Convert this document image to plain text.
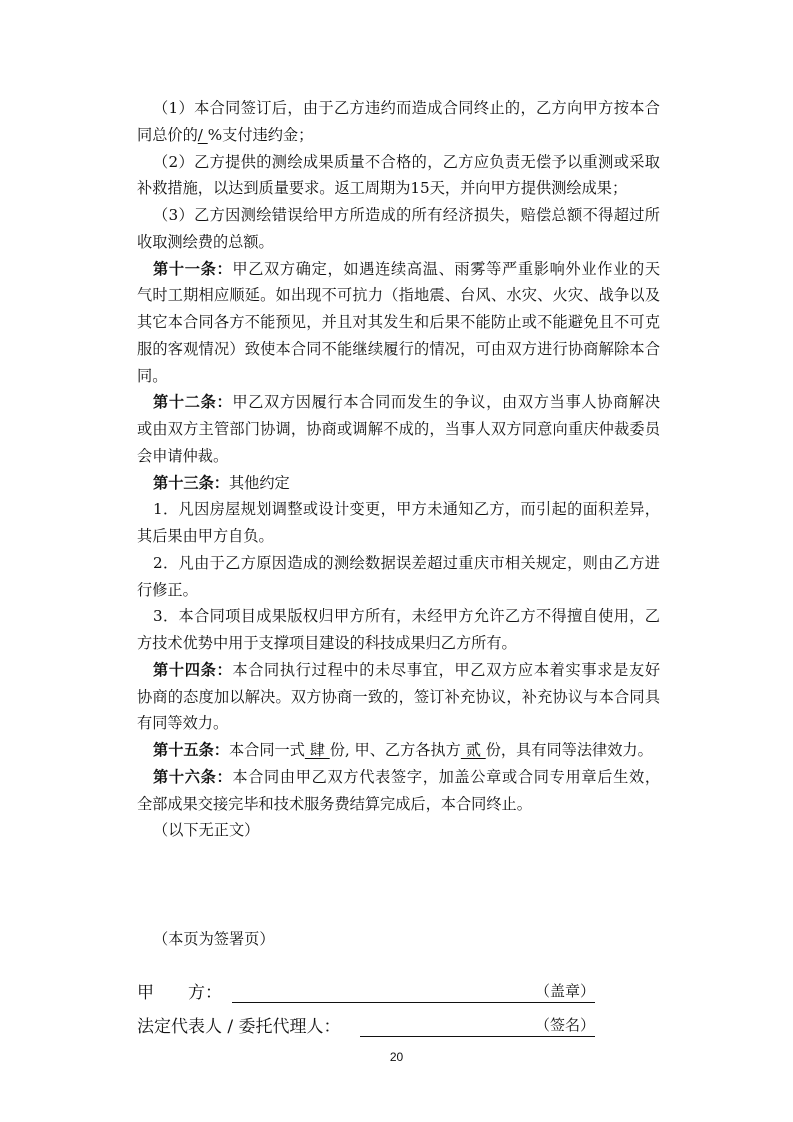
（1）本合同签订后，由于乙方违约而造成合同终止的，乙方向甲方按本合
同总价的/ %支付违约金；
（2）乙方提供的测绘成果质量不合格的，乙方应负责无偿予以重测或采取
补救措施，以达到质量要求。返工周期为15天，并向甲方提供测绘成果；
（3）乙方因测绘错误给甲方所造成的所有经济损失，赔偿总额不得超过所
收取测绘费的总额。
第十一条：甲乙双方确定，如遇连续高温、雨雾等严重影响外业作业的天
气时工期相应顺延。如出现不可抗力（指地震、台风、水灾、火灾、战争以及
其它本合同各方不能预见，并且对其发生和后果不能防止或不能避免且不可克
服的客观情况）致使本合同不能继续履行的情况，可由双方进行协商解除本合
同。
第十二条：甲乙双方因履行本合同而发生的争议，由双方当事人协商解决
或由双方主管部门协调，协商或调解不成的，当事人双方同意向重庆仲裁委员
会申请仲裁。
第十三条：其他约定
1．凡因房屋规划调整或设计变更，甲方未通知乙方，而引起的面积差异，
其后果由甲方自负。
2．凡由于乙方原因造成的测绘数据误差超过重庆市相关规定，则由乙方进
行修正。
3．本合同项目成果版权归甲方所有，未经甲方允许乙方不得擅自使用，乙
方技术优势中用于支撑项目建设的科技成果归乙方所有。
第十四条：本合同执行过程中的未尽事宜，甲乙双方应本着实事求是友好
协商的态度加以解决。双方协商一致的，签订补充协议，补充协议与本合同具
有同等效力。
第十五条：本合同一式 肆 份, 甲、乙方各执方 贰 份，具有同等法律效力。
第十六条：本合同由甲乙双方代表签字，加盖公章或合同专用章后生效，
全部成果交接完毕和技术服务费结算完成后，本合同终止。
（以下无正文）
（本页为签署页）
甲　　方：	（盖章）
法定代表人 / 委托代理人：	（签名）
20
